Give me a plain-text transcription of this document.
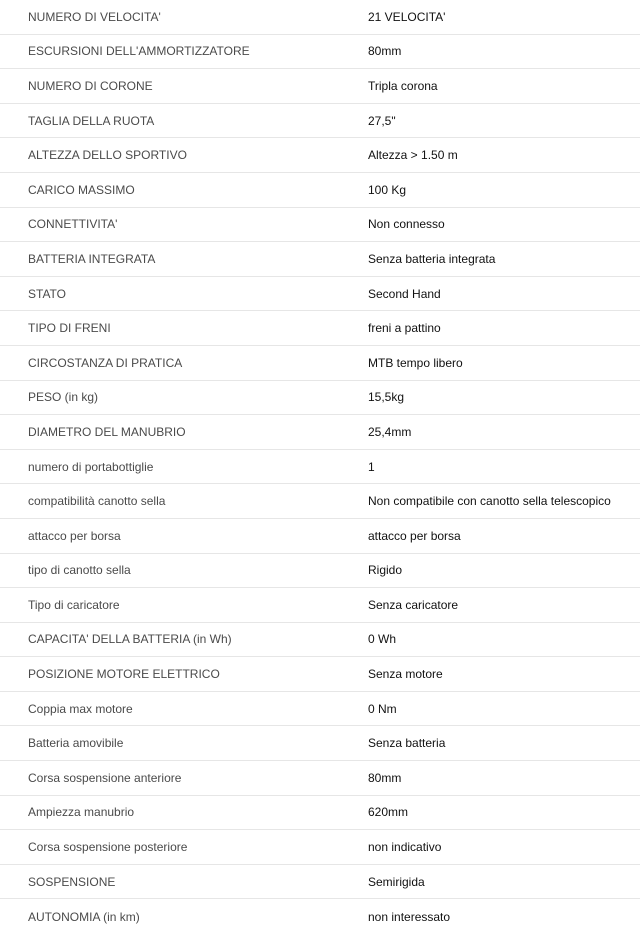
NUMERO DI VELOCITA'	21 VELOCITA'
ESCURSIONI DELL'AMMORTIZZATORE	80mm
NUMERO DI CORONE	Tripla corona
TAGLIA DELLA RUOTA	27,5"
ALTEZZA DELLO SPORTIVO	Altezza > 1.50 m
CARICO MASSIMO	100 Kg
CONNETTIVITA'	Non connesso
BATTERIA INTEGRATA	Senza batteria integrata
STATO	Second Hand
TIPO DI FRENI	freni a pattino
CIRCOSTANZA DI PRATICA	MTB tempo libero
PESO (in kg)	15,5kg
DIAMETRO DEL MANUBRIO	25,4mm
numero di portabottiglie	1
compatibilità canotto sella	Non compatibile con canotto sella telescopico
attacco per borsa	attacco per borsa
tipo di canotto sella	Rigido
Tipo di caricatore	Senza caricatore
CAPACITA' DELLA BATTERIA (in Wh)	0 Wh
POSIZIONE MOTORE ELETTRICO	Senza motore
Coppia max motore	0 Nm
Batteria amovibile	Senza batteria
Corsa sospensione anteriore	80mm
Ampiezza manubrio	620mm
Corsa sospensione posteriore	non indicativo
SOSPENSIONE	Semirigida
AUTONOMIA (in km)	non interessato
